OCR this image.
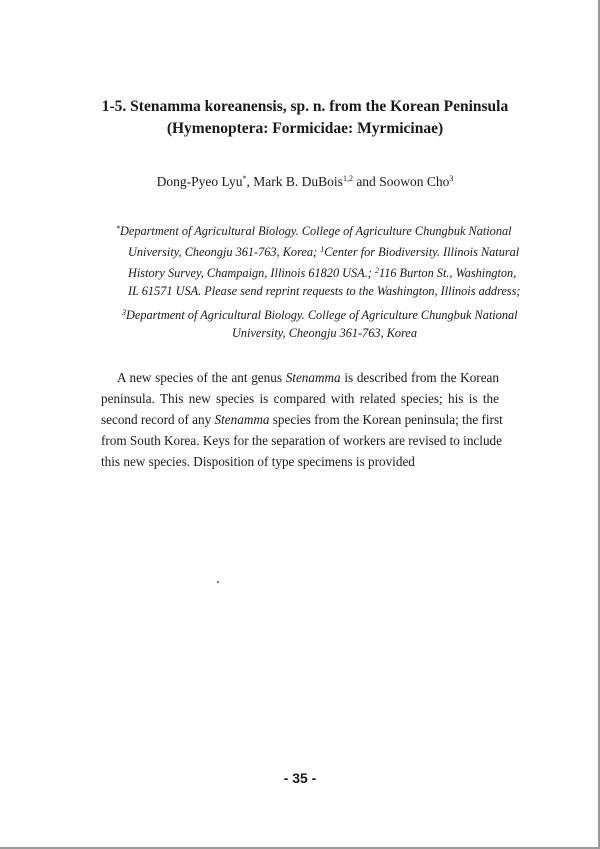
1-5. Stenamma koreanensis, sp. n. from the Korean Peninsula
(Hymenoptera: Formicidae: Myrmicinae)
Dong-Pyeo Lyu*, Mark B. DuBois$^{1,2}$ and Soowon Cho$^3$
*Department of Agricultural Biology. College of Agriculture Chungbuk National
University, Cheongju 361-763, Korea; $^1$Center for Biodiversity. Illinois Natural
History Survey, Champaign, Illinois 61820 USA.; $^2$116 Burton St., Washington,
IL 61571 USA. Please send reprint requests to the Washington, Illinois address;
$^3$Department of Agricultural Biology. College of Agriculture Chungbuk National
University, Cheongju 361-763, Korea
A new species of the ant genus Stenamma is described from the Korean
peninsula. This new species is compared with related species; his is the
second record of any Stenamma species from the Korean peninsula; the first
from South Korea. Keys for the separation of workers are revised to include
this new species. Disposition of type specimens is provided
- 35 -
